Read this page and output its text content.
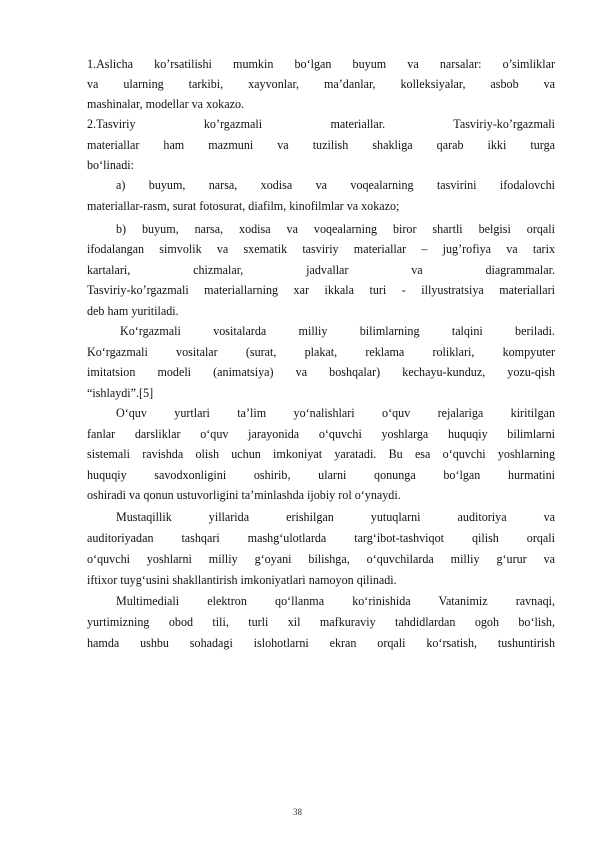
1.Aslicha ko’rsatilishi mumkin bo‘lgan buyum va narsalar: o’simliklar
va ularning tarkibi, xayvonlar, ma’danlar, kolleksiyalar, asbob va
mashinalar, modellar va xokazo.
2.Tasviriy ko’rgazmali materiallar. Tasviriy-ko’rgazmali
materiallar ham mazmuni va tuzilish shakliga qarab ikki turga
bo‘linadi:
a) buyum, narsa, xodisa va voqealarning tasvirini ifodalovchi
materiallar-rasm, surat fotosurat, diafilm, kinofilmlar va xokazo;
b) buyum, narsa, xodisa va voqealarning biror shartli belgisi orqali
ifodalangan simvolik va sxematik tasviriy materiallar – jug’rofiya va tarix
kartalari, chizmalar, jadvallar va diagrammalar.
Tasviriy-ko’rgazmali materiallarning xar ikkala turi - illyustratsiya materiallari
deb ham yuritiladi.
Ko‘rgazmali vositalarda milliy bilimlarning talqini beriladi.
Ko‘rgazmali vositalar (surat, plakat, reklama roliklari, kompyuter
imitatsion modeli (animatsiya) va boshqalar) kechayu-kunduz, yozu-qish
“ishlaydi”.[5]
O‘quv yurtlari ta’lim yo‘nalishlari o‘quv rejalariga kiritilgan
fanlar darsliklar o‘quv jarayonida o‘quvchi yoshlarga huquqiy bilimlarni
sistemali ravishda olish uchun imkoniyat yaratadi. Bu esa o‘quvchi yoshlarning
huquqiy savodxonligini oshirib, ularni qonunga bo‘lgan hurmatini
oshiradi va qonun ustuvorligini ta’minlashda ijobiy rol o‘ynaydi.
Mustaqillik yillarida erishilgan yutuqlarni auditoriya va
auditoriyadan tashqari mashg‘ulotlarda targ‘ibot-tashviqot qilish orqali
o‘quvchi yoshlarni milliy g‘oyani bilishga, o‘quvchilarda milliy g‘urur va
iftixor tuyg‘usini shakllantirish imkoniyatlari namoyon qilinadi.
Multimediali elektron qo‘llanma ko‘rinishida Vatanimiz ravnaqi,
yurtimizning obod tili, turli xil mafkuraviy tahdidlardan ogoh bo‘lish,
hamda ushbu sohadagi islohotlarni ekran orqali ko‘rsatish, tushuntirish
38
